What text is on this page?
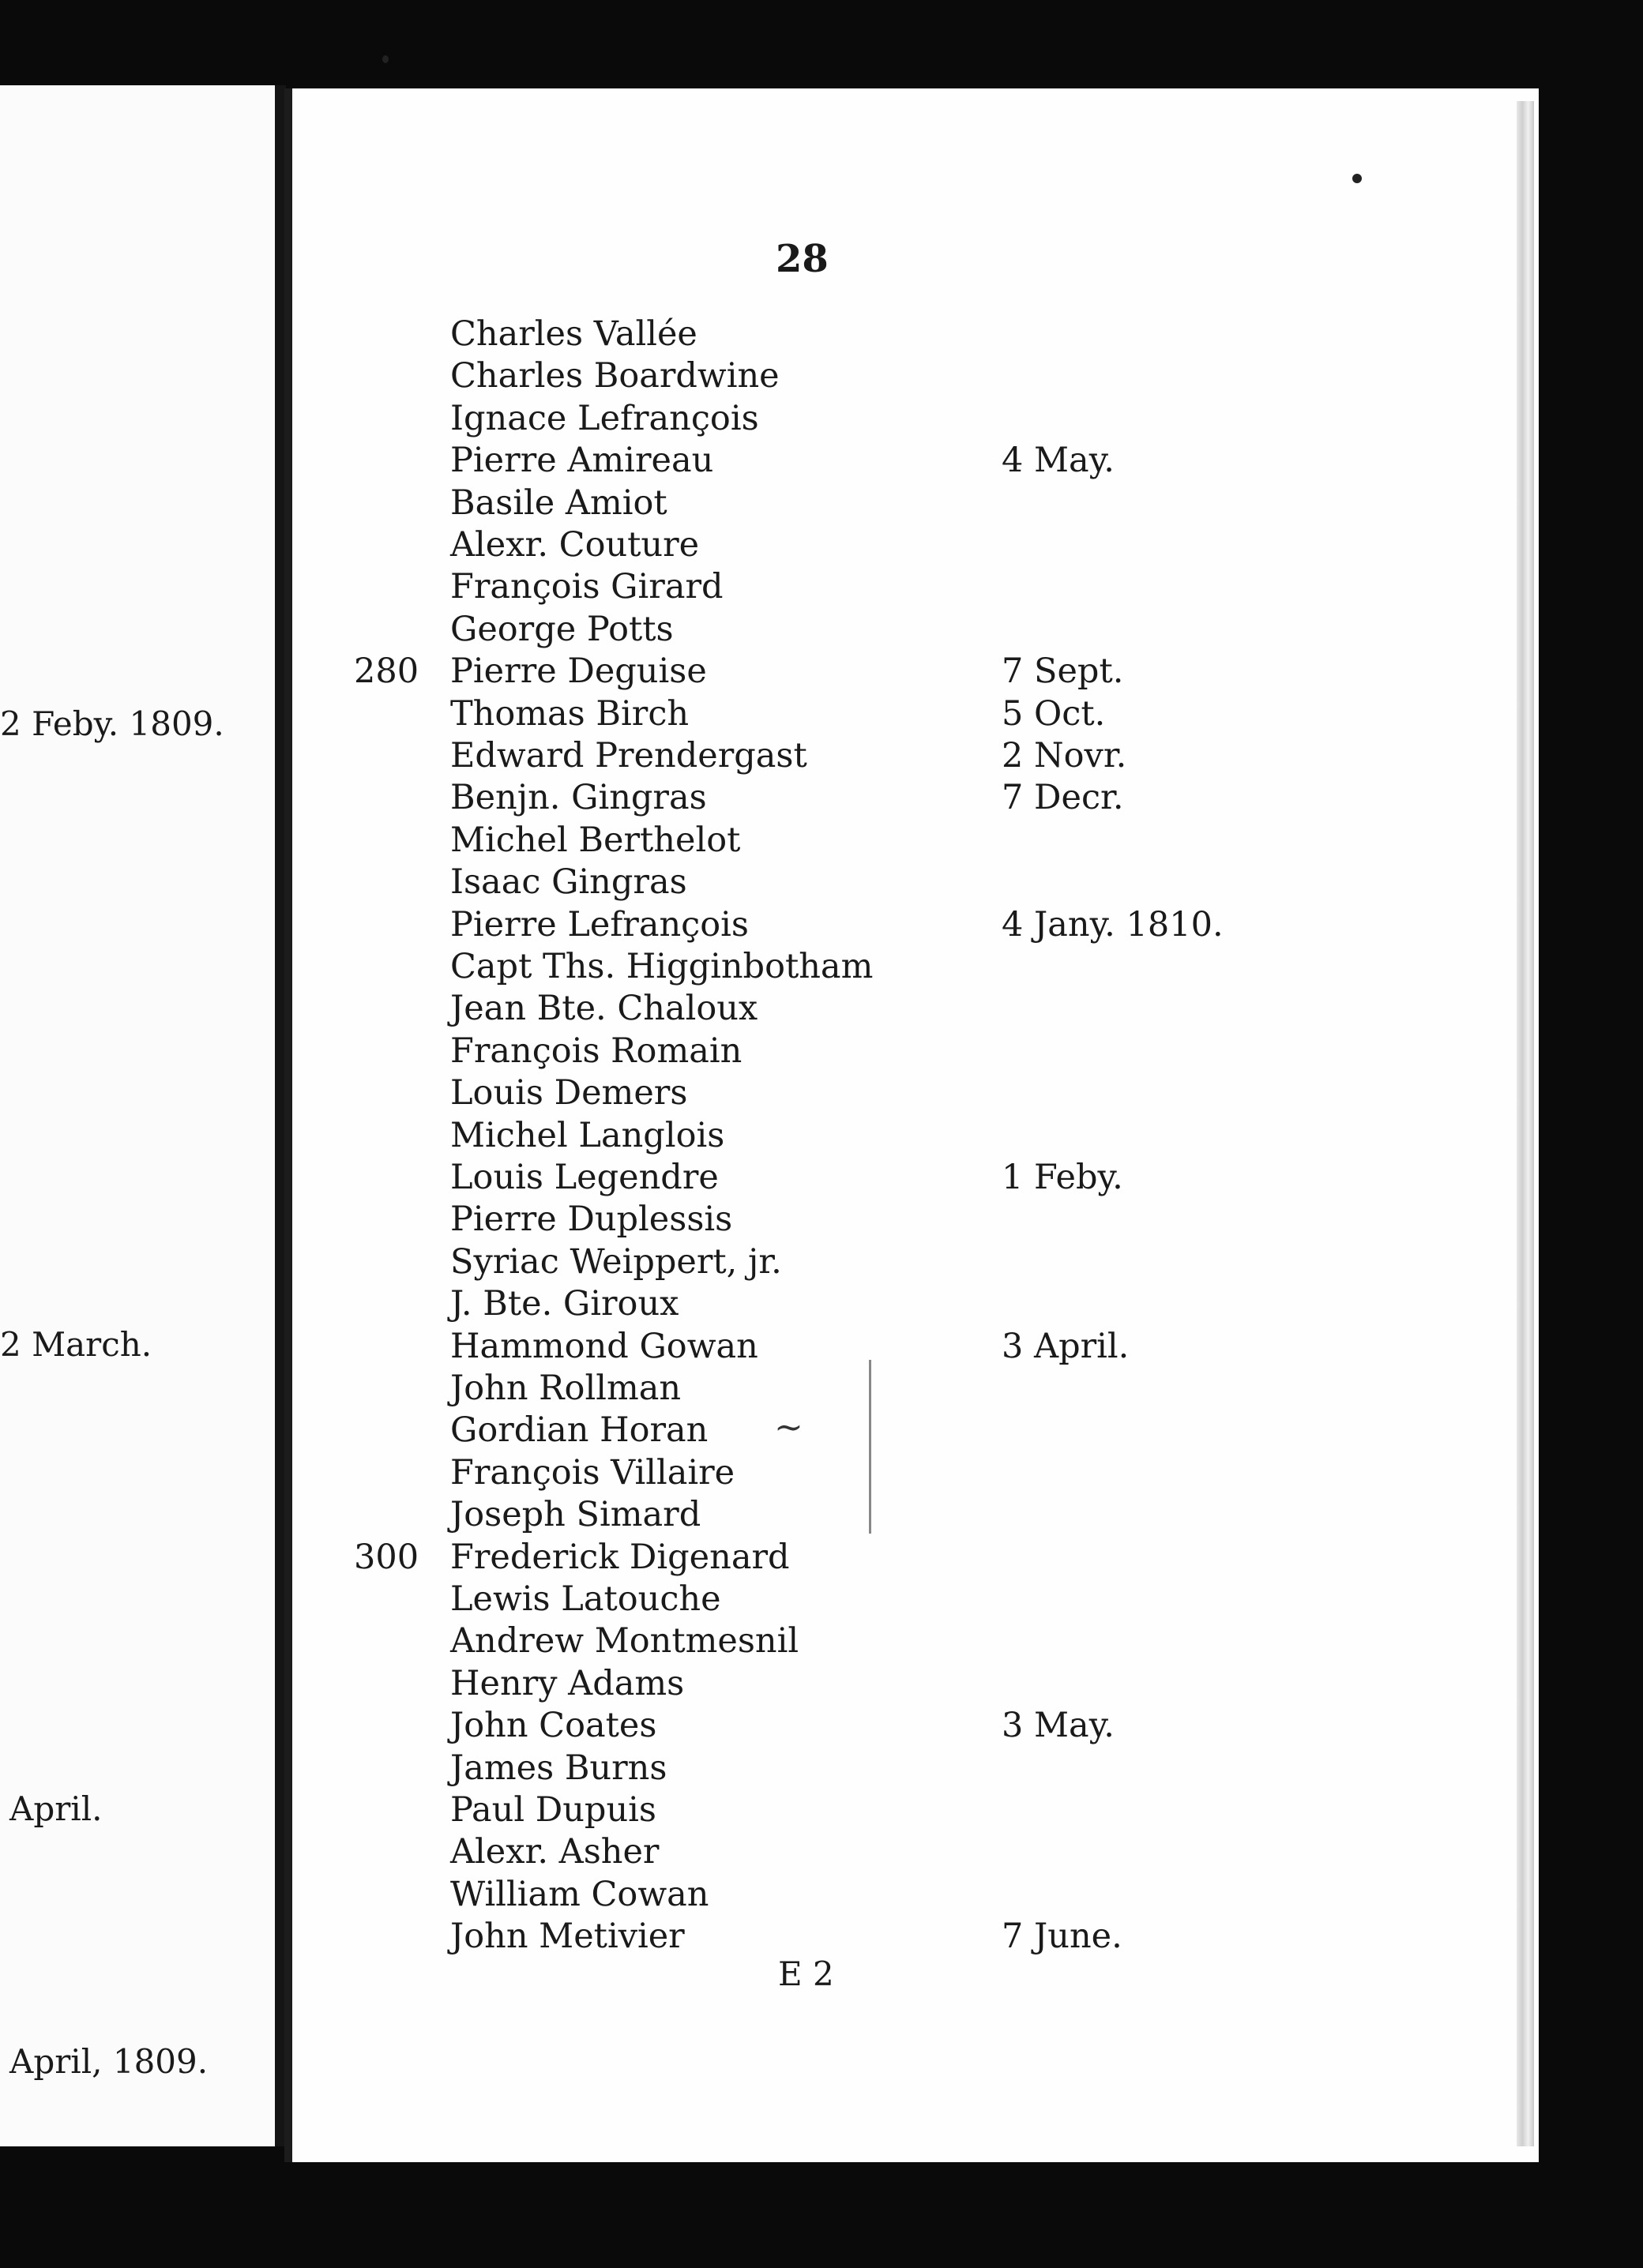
2 Feby. 1809.
2 March.
April.
April, 1809.
28
Charles Vallée
Charles Boardwine
Ignace Lefrançois
Pierre Amireau	4 May.
Basile Amiot
Alexr. Couture
François Girard
George Potts
280 Pierre Deguise	7 Sept.
Thomas Birch	5 Oct.
Edward Prendergast	2 Novr.
Benjn. Gingras	7 Decr.
Michel Berthelot
Isaac Gingras
Pierre Lefrançois	4 Jany. 1810.
Capt Ths. Higginbotham
Jean Bte. Chaloux
François Romain
Louis Demers
Michel Langlois
Louis Legendre	1 Feby.
Pierre Duplessis
Syriac Weippert, jr.
J. Bte. Giroux
Hammond Gowan	3 April.
John Rollman
Gordian Horan
François Villaire
Joseph Simard
300 Frederick Digenard
Lewis Latouche
Andrew Montmesnil
Henry Adams
John Coates	3 May.
James Burns
Paul Dupuis
Alexr. Asher
William Cowan
John Metivier	7 June.
~
E 2
